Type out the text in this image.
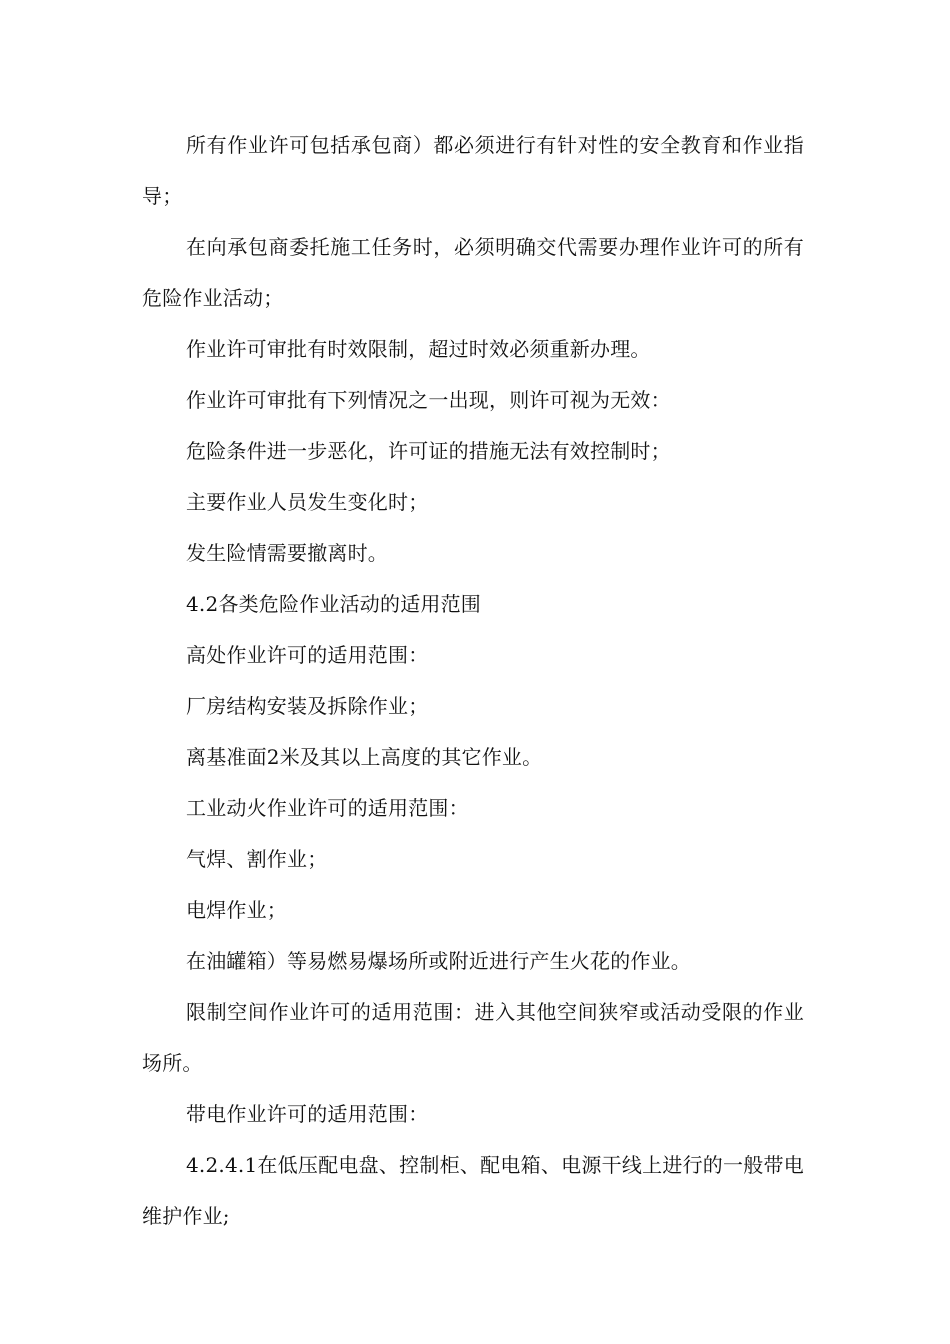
所有作业许可包括承包商）都必须进行有针对性的安全教育和作业指导；

在向承包商委托施工任务时，必须明确交代需要办理作业许可的所有危险作业活动；

作业许可审批有时效限制，超过时效必须重新办理。

作业许可审批有下列情况之一出现，则许可视为无效：

危险条件进一步恶化，许可证的措施无法有效控制时；

主要作业人员发生变化时；

发生险情需要撤离时。

4.2各类危险作业活动的适用范围

高处作业许可的适用范围：

厂房结构安装及拆除作业；

离基准面2米及其以上高度的其它作业。

工业动火作业许可的适用范围：

气焊、割作业；

电焊作业；

在油罐箱）等易燃易爆场所或附近进行产生火花的作业。

限制空间作业许可的适用范围：进入其他空间狭窄或活动受限的作业场所。

带电作业许可的适用范围：

4.2.4.1在低压配电盘、控制柜、配电箱、电源干线上进行的一般带电维护作业;
